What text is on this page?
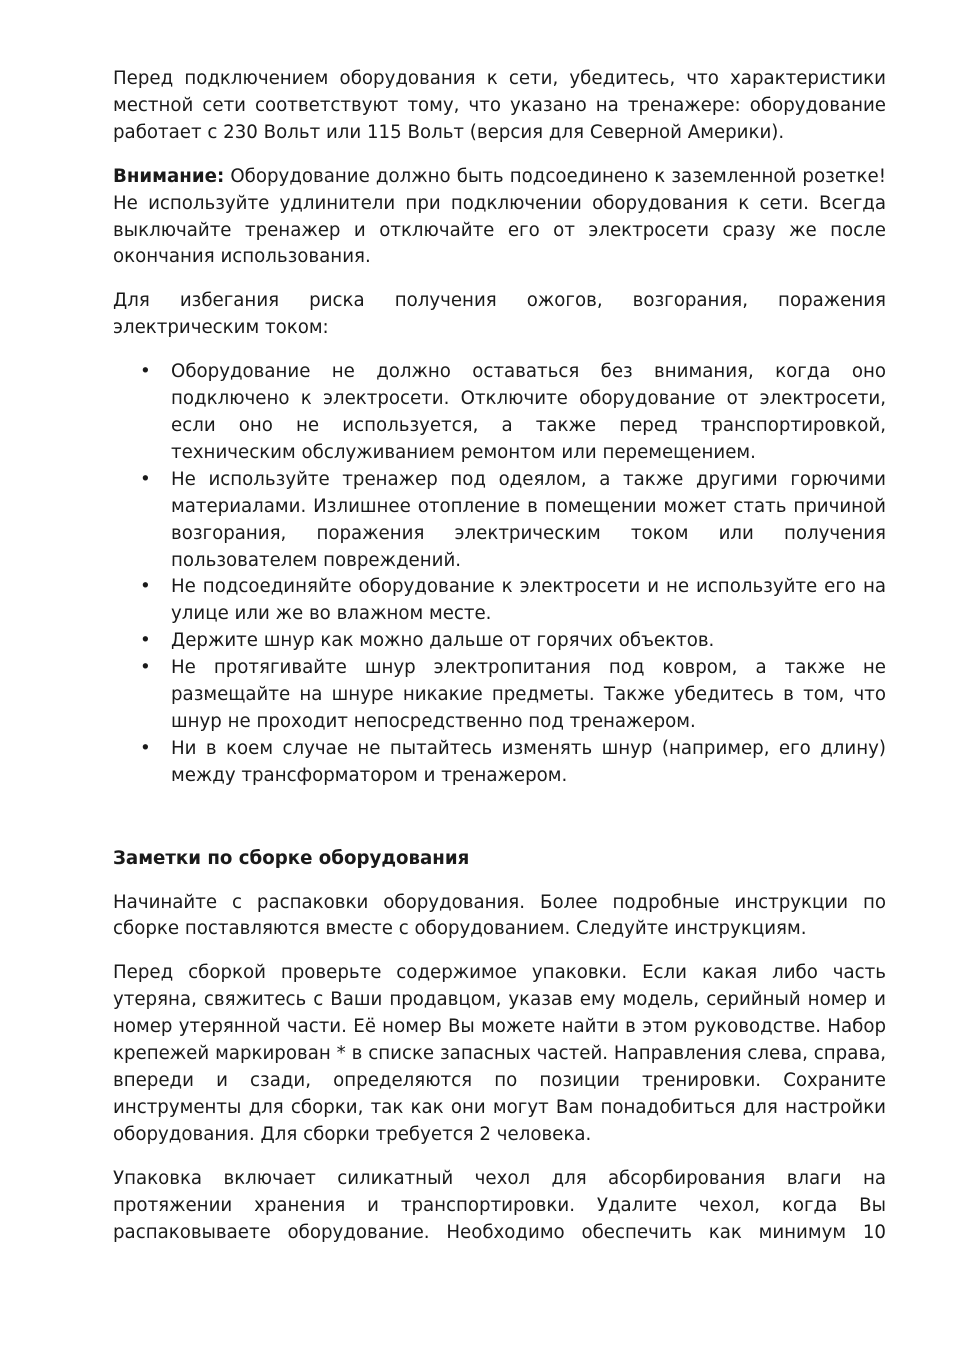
Перед подключением оборудования к сети, убедитесь, что характеристики местной сети соответствуют тому, что указано на тренажере: оборудование работает с 230 Вольт или 115 Вольт (версия для Северной Америки).

Внимание: Оборудование должно быть подсоединено к заземленной розетке! Не используйте удлинители при подключении оборудования к сети. Всегда выключайте тренажер и отключайте его от электросети сразу же после окончания использования.

Для избегания риска получения ожогов, возгорания, поражения электрическим током:

• Оборудование не должно оставаться без внимания, когда оно подключено к электросети. Отключите оборудование от электросети, если оно не используется, а также перед транспортировкой, техническим обслуживанием ремонтом или перемещением.
• Не используйте тренажер под одеялом, а также другими горючими материалами. Излишнее отопление в помещении может стать причиной возгорания, поражения электрическим током или получения пользователем повреждений.
• Не подсоединяйте оборудование к электросети и не используйте его на улице или же во влажном месте.
• Держите шнур как можно дальше от горячих объектов.
• Не протягивайте шнур электропитания под ковром, а также не размещайте на шнуре никакие предметы. Также убедитесь в том, что шнур не проходит непосредственно под тренажером.
• Ни в коем случае не пытайтесь изменять шнур (например, его длину) между трансформатором и тренажером.
Заметки по сборке оборудования

Начинайте с распаковки оборудования. Более подробные инструкции по сборке поставляются вместе с оборудованием. Следуйте инструкциям.

Перед сборкой проверьте содержимое упаковки. Если какая либо часть утеряна, свяжитесь с Ваши продавцом, указав ему модель, серийный номер и номер утерянной части. Её номер Вы можете найти в этом руководстве. Набор крепежей маркирован * в списке запасных частей. Направления слева, справа, впереди и сзади, определяются по позиции тренировки. Сохраните инструменты для сборки, так как они могут Вам понадобиться для настройки оборудования. Для сборки требуется 2 человека.

Упаковка включает силикатный чехол для абсорбирования влаги на протяжении хранения и транспортировки. Удалите чехол, когда Вы распаковываете оборудование. Необходимо обеспечить как минимум 10
